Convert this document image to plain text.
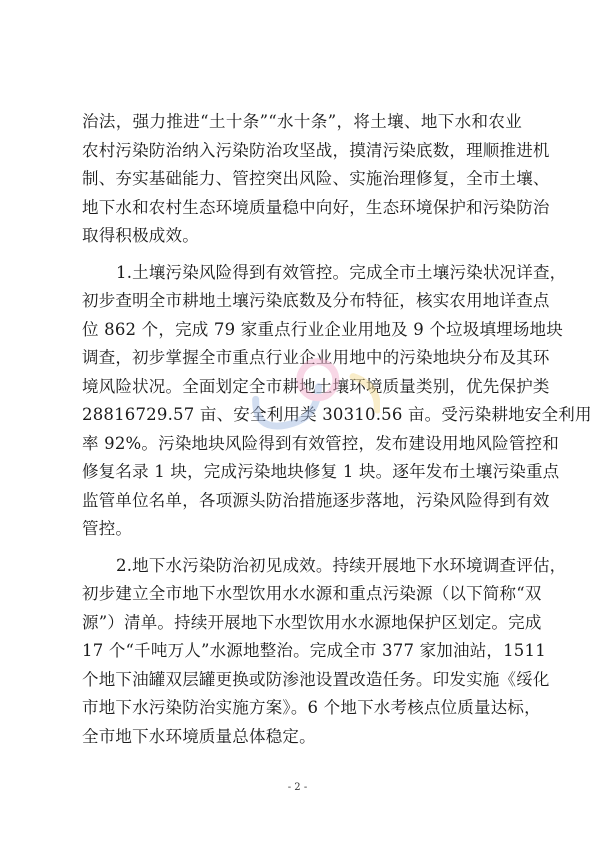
治法，强力推进“土十条”“水十条”，将土壤、地下水和农业
农村污染防治纳入污染防治攻坚战，摸清污染底数，理顺推进机
制、夯实基础能力、管控突出风险、实施治理修复，全市土壤、
地下水和农村生态环境质量稳中向好，生态环境保护和污染防治
取得积极成效。
1.土壤污染风险得到有效管控。完成全市土壤污染状况详查，
初步查明全市耕地土壤污染底数及分布特征，核实农用地详查点
位 862 个，完成 79 家重点行业企业用地及 9 个垃圾填埋场地块
调查，初步掌握全市重点行业企业用地中的污染地块分布及其环
境风险状况。全面划定全市耕地土壤环境质量类别，优先保护类
28816729.57 亩、安全利用类 30310.56 亩。受污染耕地安全利用
率 92%。污染地块风险得到有效管控，发布建设用地风险管控和
修复名录 1 块，完成污染地块修复 1 块。逐年发布土壤污染重点
监管单位名单，各项源头防治措施逐步落地，污染风险得到有效
管控。
2.地下水污染防治初见成效。持续开展地下水环境调查评估，
初步建立全市地下水型饮用水水源和重点污染源（以下简称“双
源”）清单。持续开展地下水型饮用水水源地保护区划定。完成
17 个“千吨万人”水源地整治。完成全市 377 家加油站，1511
个地下油罐双层罐更换或防渗池设置改造任务。印发实施《绥化
市地下水污染防治实施方案》。6 个地下水考核点位质量达标，
全市地下水环境质量总体稳定。
- 2 -
